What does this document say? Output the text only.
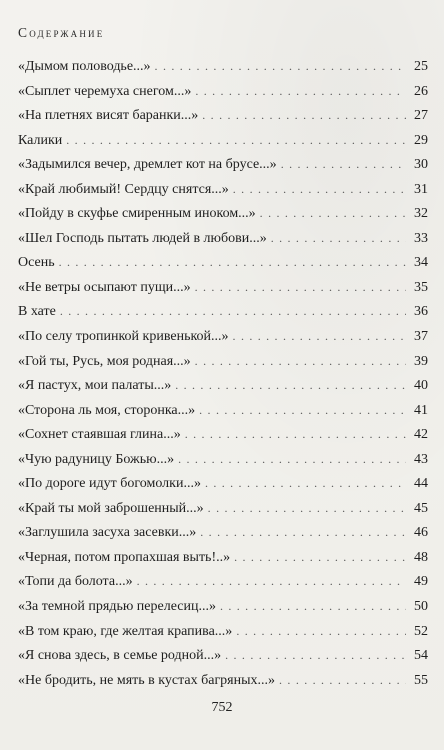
Содержание
«Дымом половодье...» . . .	25
«Сыплет черемуха снегом...» . . .	26
«На плетнях висят баранки...» . . .	27
Калики . . .	29
«Задымился вечер, дремлет кот на брусе...» . . .	30
«Край любимый! Сердцу снятся...» . . .	31
«Пойду в скуфье смиренным иноком...» . . .	32
«Шел Господь пытать людей в любови...» . . .	33
Осень . . .	34
«Не ветры осыпают пущи...» . . .	35
В хате . . .	36
«По селу тропинкой кривенькой...» . . .	37
«Гой ты, Русь, моя родная...» . . .	39
«Я пастух, мои палаты...» . . .	40
«Сторона ль моя, сторонка...» . . .	41
«Сохнет стаявшая глина...» . . .	42
«Чую радуницу Божью...» . . .	43
«По дороге идут богомолки...» . . .	44
«Край ты мой заброшенный...» . . .	45
«Заглушила засуха засевки...» . . .	46
«Черная, потом пропахшая выть!..» . . .	48
«Топи да болота...» . . .	49
«За темной прядью перелесиц...» . . .	50
«В том краю, где желтая крапива...» . . .	52
«Я снова здесь, в семье родной...» . . .	54
«Не бродить, не мять в кустах багряных...» . . .	55
752
